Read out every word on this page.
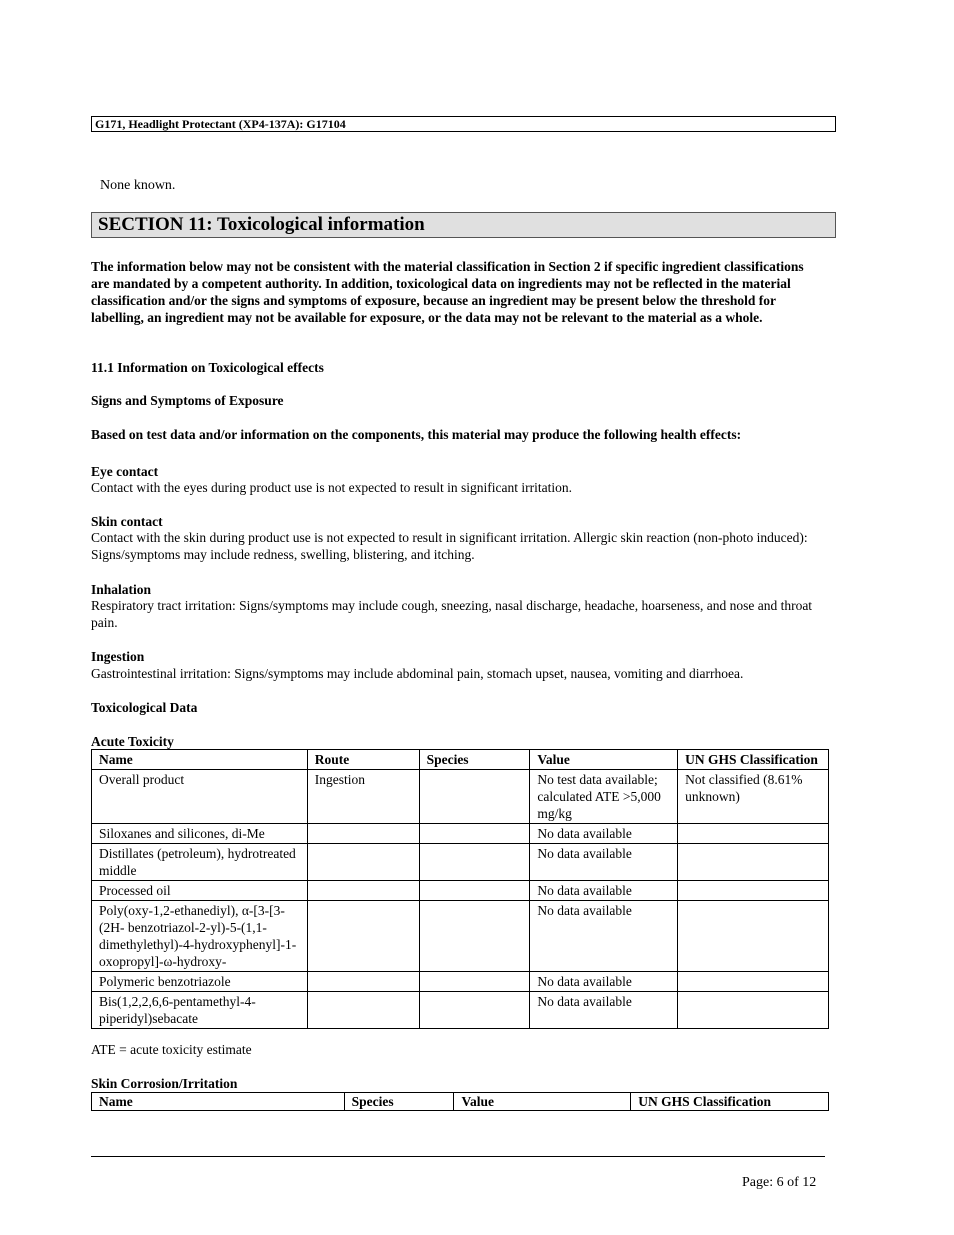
G171, Headlight Protectant (XP4-137A): G17104
None known.
SECTION 11: Toxicological information
The information below may not be consistent with the material classification in Section 2 if specific ingredient classifications are mandated by a competent authority. In addition, toxicological data on ingredients may not be reflected in the material classification and/or the signs and symptoms of exposure, because an ingredient may be present below the threshold for labelling, an ingredient may not be available for exposure, or the data may not be relevant to the material as a whole.
11.1 Information on Toxicological effects
Signs and Symptoms of Exposure
Based on test data and/or information on the components, this material may produce the following health effects:
Eye contact
Contact with the eyes during product use is not expected to result in significant irritation.
Skin contact
Contact with the skin during product use is not expected to result in significant irritation. Allergic skin reaction (non-photo induced): Signs/symptoms may include redness, swelling, blistering, and itching.
Inhalation
Respiratory tract irritation: Signs/symptoms may include cough, sneezing, nasal discharge, headache, hoarseness, and nose and throat pain.
Ingestion
Gastrointestinal irritation: Signs/symptoms may include abdominal pain, stomach upset, nausea, vomiting and diarrhoea.
Toxicological Data
Acute Toxicity
Name	Route	Species	Value	UN GHS Classification
Overall product	Ingestion		No test data available; calculated ATE >5,000 mg/kg	Not classified (8.61% unknown)
Siloxanes and silicones, di-Me			No data available	
Distillates (petroleum), hydrotreated middle			No data available	
Processed oil			No data available	
Poly(oxy-1,2-ethanediyl), α-[3-[3-(2H- benzotriazol-2-yl)-5-(1,1-dimethylethyl)-4-hydroxyphenyl]-1-oxopropyl]-ω-hydroxy-			No data available	
Polymeric benzotriazole			No data available	
Bis(1,2,2,6,6-pentamethyl-4-piperidyl)sebacate			No data available	
ATE = acute toxicity estimate
Skin Corrosion/Irritation
Name	Species	Value	UN GHS Classification
Page: 6 of 12
